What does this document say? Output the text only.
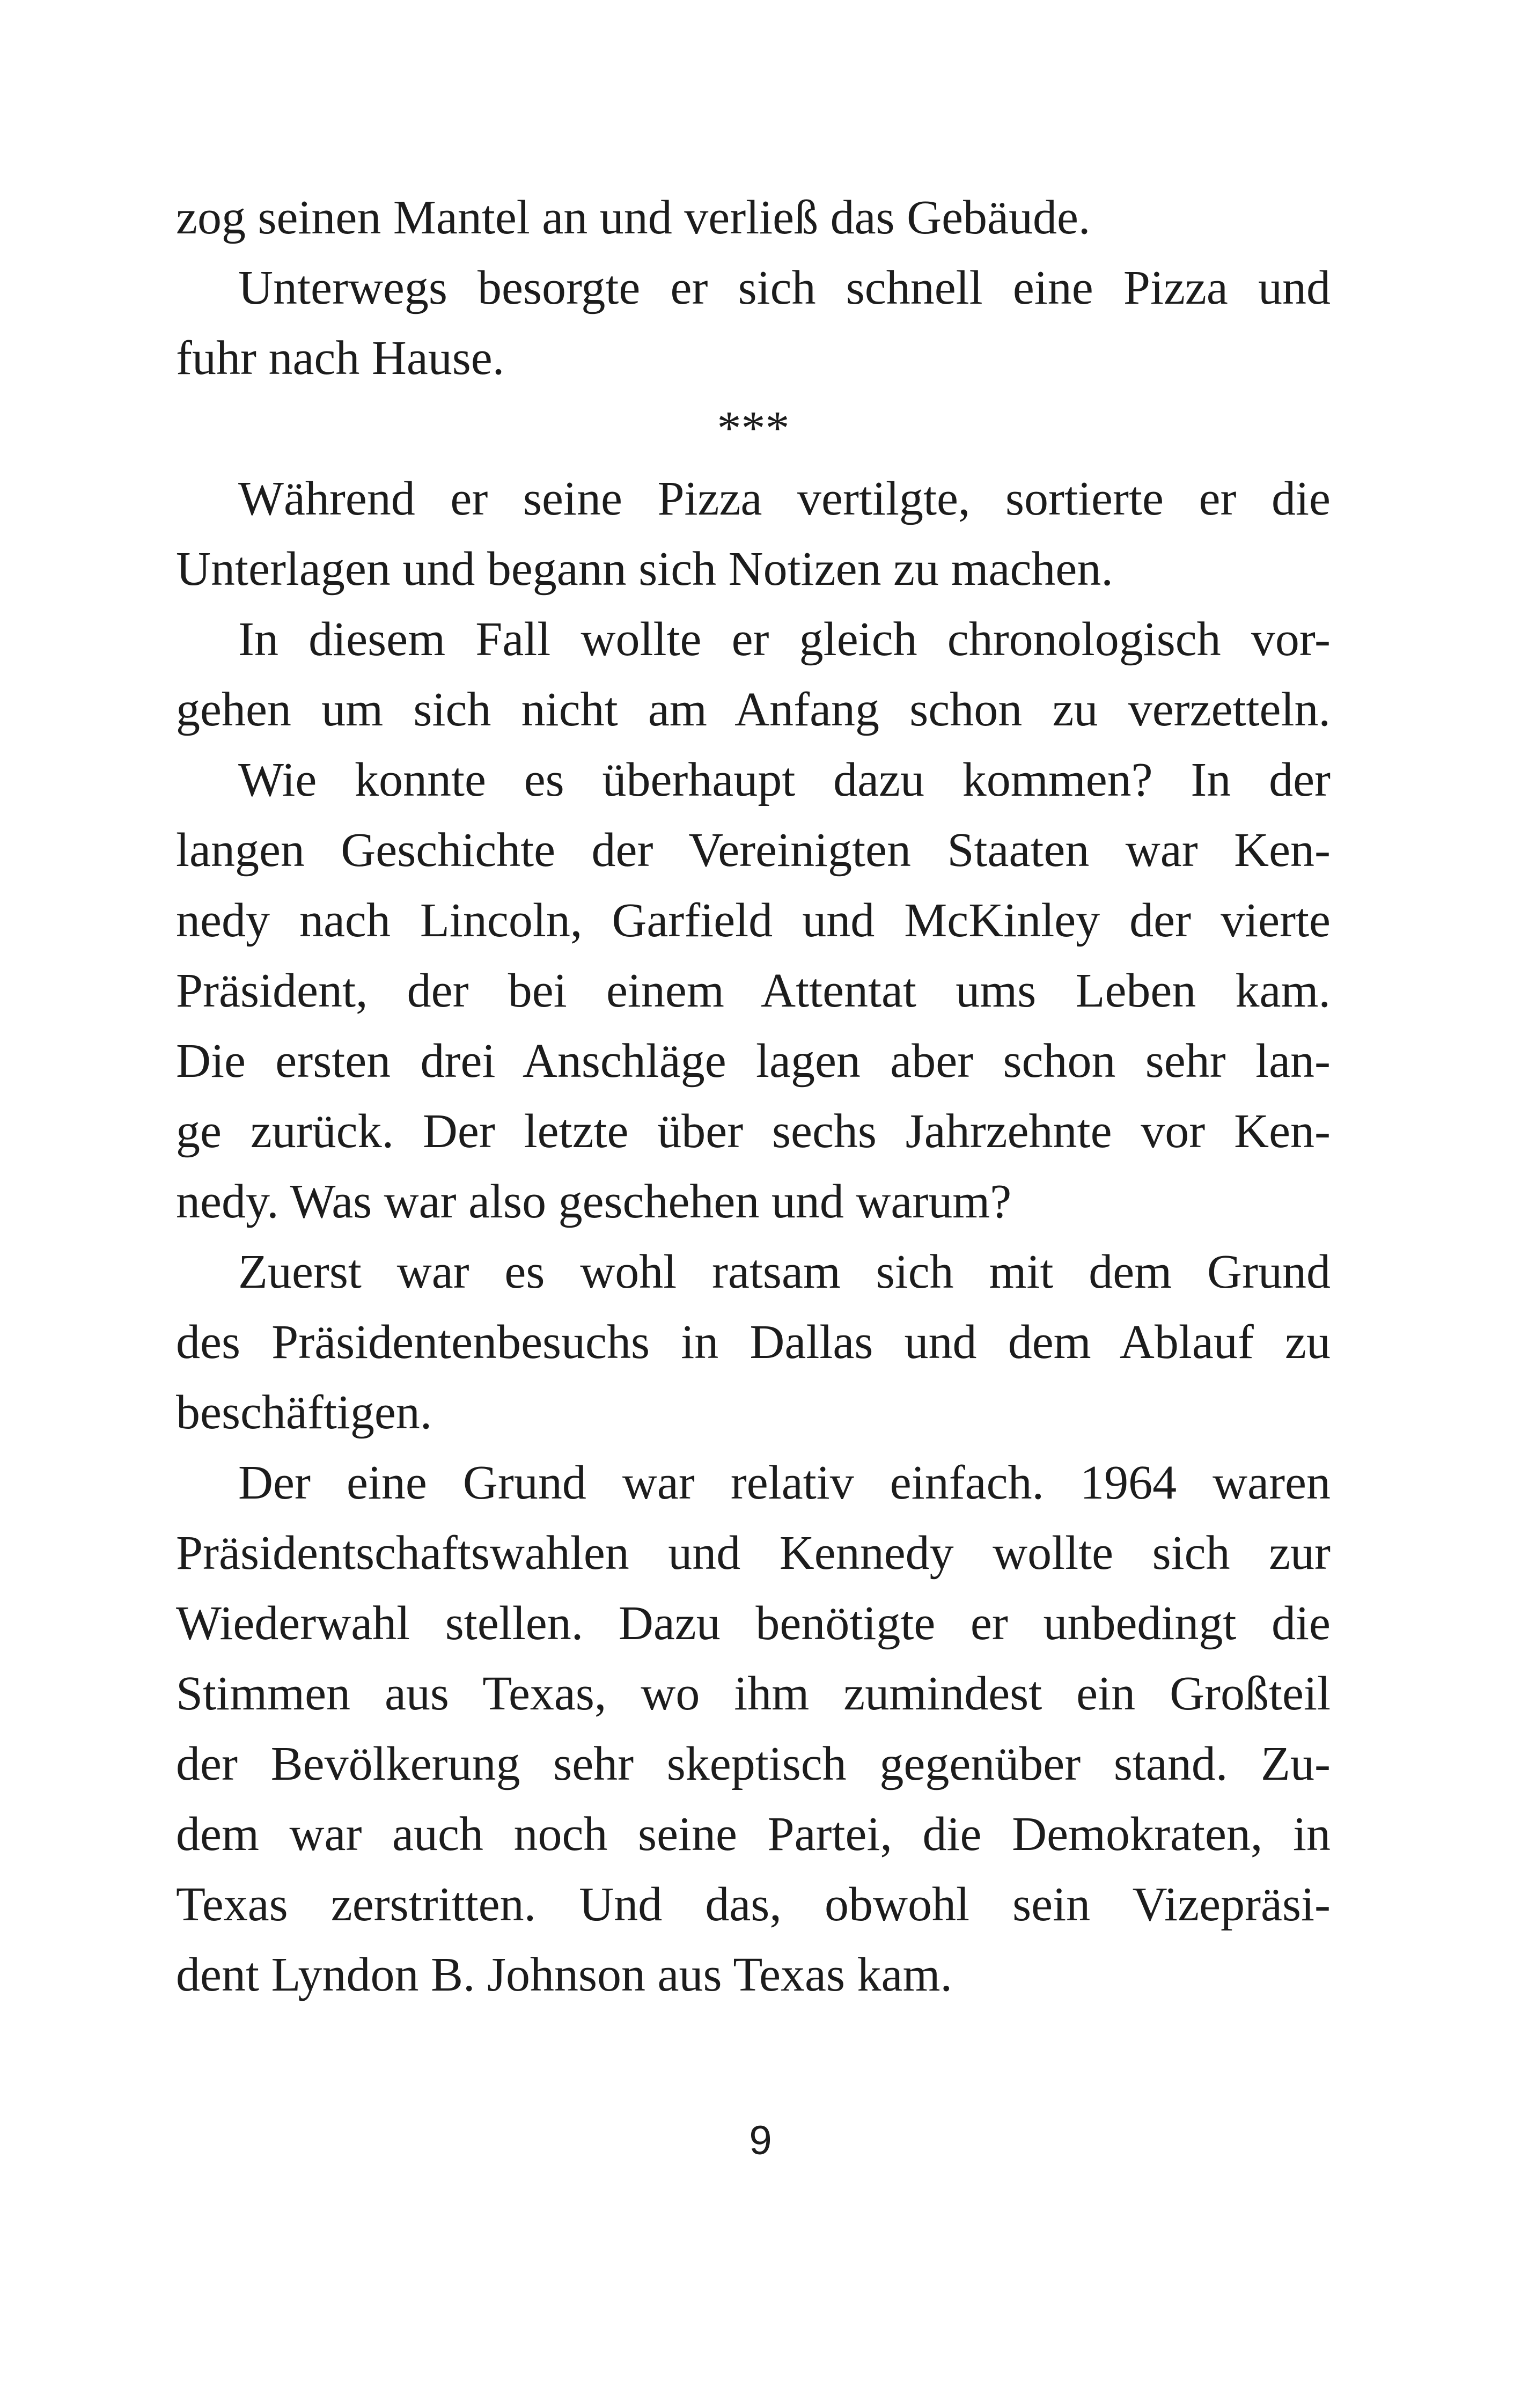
zog seinen Mantel an und verließ das Gebäude.
Unterwegs besorgte er sich schnell eine Pizza und
fuhr nach Hause.
***
Während er seine Pizza vertilgte, sortierte er die
Unterlagen und begann sich Notizen zu machen.
In diesem Fall wollte er gleich chronologisch vor-
gehen um sich nicht am Anfang schon zu verzetteln.
Wie konnte es überhaupt dazu kommen? In der
langen Geschichte der Vereinigten Staaten war Ken-
nedy nach Lincoln, Garfield und McKinley der vierte
Präsident, der bei einem Attentat ums Leben kam.
Die ersten drei Anschläge lagen aber schon sehr lan-
ge zurück. Der letzte über sechs Jahrzehnte vor Ken-
nedy. Was war also geschehen und warum?
Zuerst war es wohl ratsam sich mit dem Grund
des Präsidentenbesuchs in Dallas und dem Ablauf zu
beschäftigen.
Der eine Grund war relativ einfach. 1964 waren
Präsidentschaftswahlen und Kennedy wollte sich zur
Wiederwahl stellen. Dazu benötigte er unbedingt die
Stimmen aus Texas, wo ihm zumindest ein Großteil
der Bevölkerung sehr skeptisch gegenüber stand. Zu-
dem war auch noch seine Partei, die Demokraten, in
Texas zerstritten. Und das, obwohl sein Vizepräsi-
dent Lyndon B. Johnson aus Texas kam.
9
